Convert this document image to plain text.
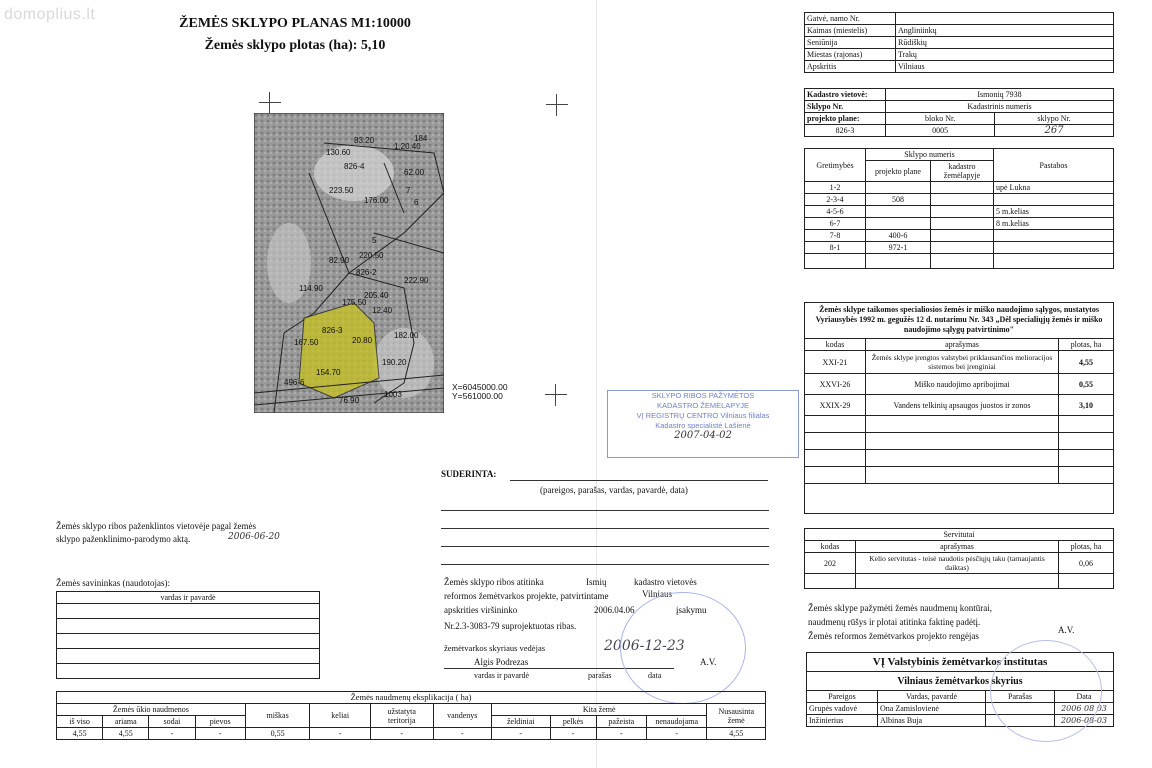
domoplius.lt
ŽEMĖS SKLYPO PLANAS M1:10000
Žemės sklypo plotas (ha): 5,10
130.60
83.20
1.20.40
184
826-4
62.00
223.50
176.00
5
6
7
220.50
82.90
826-2
114.90
205.40
222.90
12.40
175.50
826-3
167.50	20.80
182.00
190.20
496-6
154.70
76.90
1003
X=6045000.00
Y=561000.00
Gatvė, namo Nr.	
Kaimas (miestelis)	Angliniinkų
Seniūnija	Rūdiškių
Miestas (rajonas)	Trakų
Apskritis	Vilniaus
Kadastro vietovė:	Ismonių 7938	
Sklypo Nr.	Kadastrinis numeris	
projekto plane:	bloko Nr.	sklypo Nr.
826-3	0005	267
Gretimybės	Sklypo numeris		Pastabos
	projekto plane	kadastro žemėlapyje	
1-2			upė Lukna
2-3-4	508		
4-5-6			5 m.kelias
6-7			8 m.kelias
7-8	400-6		
8-1	972-1		

Žemės sklype taikomos specialiosios žemės ir miško naudojimo sąlygos, nustatytos Vyriausybės 1992 m. gegužės 12 d. nutarimu Nr. 343 „Dėl specialiųjų žemės ir miško naudojimo sąlygų patvirtinimo"
kodas	aprašymas	plotas, ha
XXI-21	Žemės sklype įrengtos valstybei priklausančios melioracijos sistemos bei įrenginiai	4,55
XXVI-26	Miško naudojimo apribojimai	0,55
XXIX-29	Vandens telkinių apsaugos juostos ir zonos	3,10

Servitutai		
kodas	aprašymas	plotas, ha
202	Kelio servitutas - teisė naudotis pėsčiųjų taku (tarnaujantis daiktas)	0,06

SKLYPO RIBOS PAŽYMĖTOS
KADASTRO ŽEMĖLAPYJE
VĮ REGISTRŲ CENTRO Vilniaus filialas
Kadastro specialistė Lašienė
2007-04-02
SUDERINTA:
(pareigos, parašas, vardas, pavardė, data)
Žemės sklypo ribos paženklintos vietovėje pagal žemės
sklypo paženklinimo-parodymo aktą.	2006-06-20
Žemės sklypo ribos atitinka	Ismių	kadastro vietovės
reformos žemėtvarkos projekte, patvirtintame	Vilniaus
apskrities viršininko	2006.04.06	įsakymu
Nr.2.3-3083-79 suprojektuotas ribas.
žemėtvarkos skyriaus vedėjas
Algis Podrezas
2006-12-23
A.V.
vardas ir pavardė	parašas	data
Žemės savininkas (naudotojas):
vardas ir pavardė

Žemės sklype pažymėti žemės naudmenų kontūrai,
naudmenų rūšys ir plotai atitinka faktinę padėtį.
Žemės reformos žemėtvarkos projekto rengėjas
A.V.
VĮ Valstybinis žemėtvarkos institutas			
Vilniaus žemėtvarkos skyrius			
Pareigos	Vardas, pavardė	Parašas	Data
Grupės vadovė	Ona Zamislovienė		2006 08 03
Inžinierius	Albinas Buja		2006-08-03
Žemės naudmenų eksplikacija ( ha)												
Žemės ūkio naudmenos				miškas	keliai	užstatyta teritorija	vandenys	Kita žemė				Nusausinta žemė
iš viso	ariama	sodai	pievos					želdiniai	pelkės	pažeista	nenaudojama	
4,55	4,55	-	-	0,55	-	-	-	-	-	-	-	4,55
